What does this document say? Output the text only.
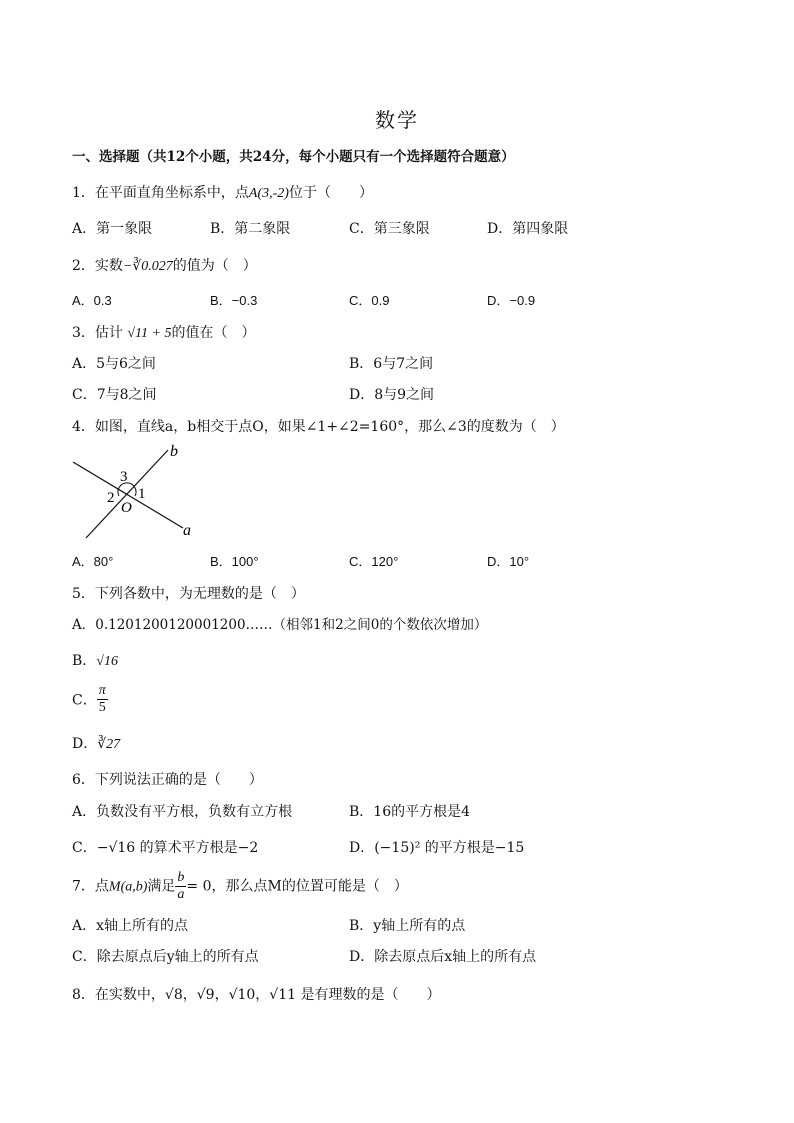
数学
一、选择题（共12个小题，共24分，每个小题只有一个选择题符合题意）
1．在平面直角坐标系中，点A(3,-2)位于（　　）
A．第一象限	B．第二象限	C．第三象限	D．第四象限
2．实数−∛0.027的值为（　）
A．0.3	B．−0.3	C．0.9	D．−0.9
3．估计 √11 + 5的值在（　）
A．5与6之间	B．6与7之间
C．7与8之间	D．8与9之间
4．如图，直线a，b相交于点O，如果∠1+∠2=160°，那么∠3的度数为（　）
b
a
O
1
2
3
A．80°	B．100°	C．120°	D．10°
5．下列各数中，为无理数的是（　）
A．0.1201200120001200……（相邻1和2之间0的个数依次增加）
B．√16
C． $\frac{\pi}{5}$
D．∛27
6．下列说法正确的是（　　）
A．负数没有平方根，负数有立方根	B．16的平方根是4
C．−√16 的算术平方根是−2	D．(−15)² 的平方根是−15
7．点M(a,b)满足 $\frac{b}{a} = 0$，那么点M的位置可能是（　）
A．x轴上所有的点	B．y轴上所有的点
C．除去原点后y轴上的所有点	D．除去原点后x轴上的所有点
8．在实数中，√8，√9，√10，√11 是有理数的是（　　）
